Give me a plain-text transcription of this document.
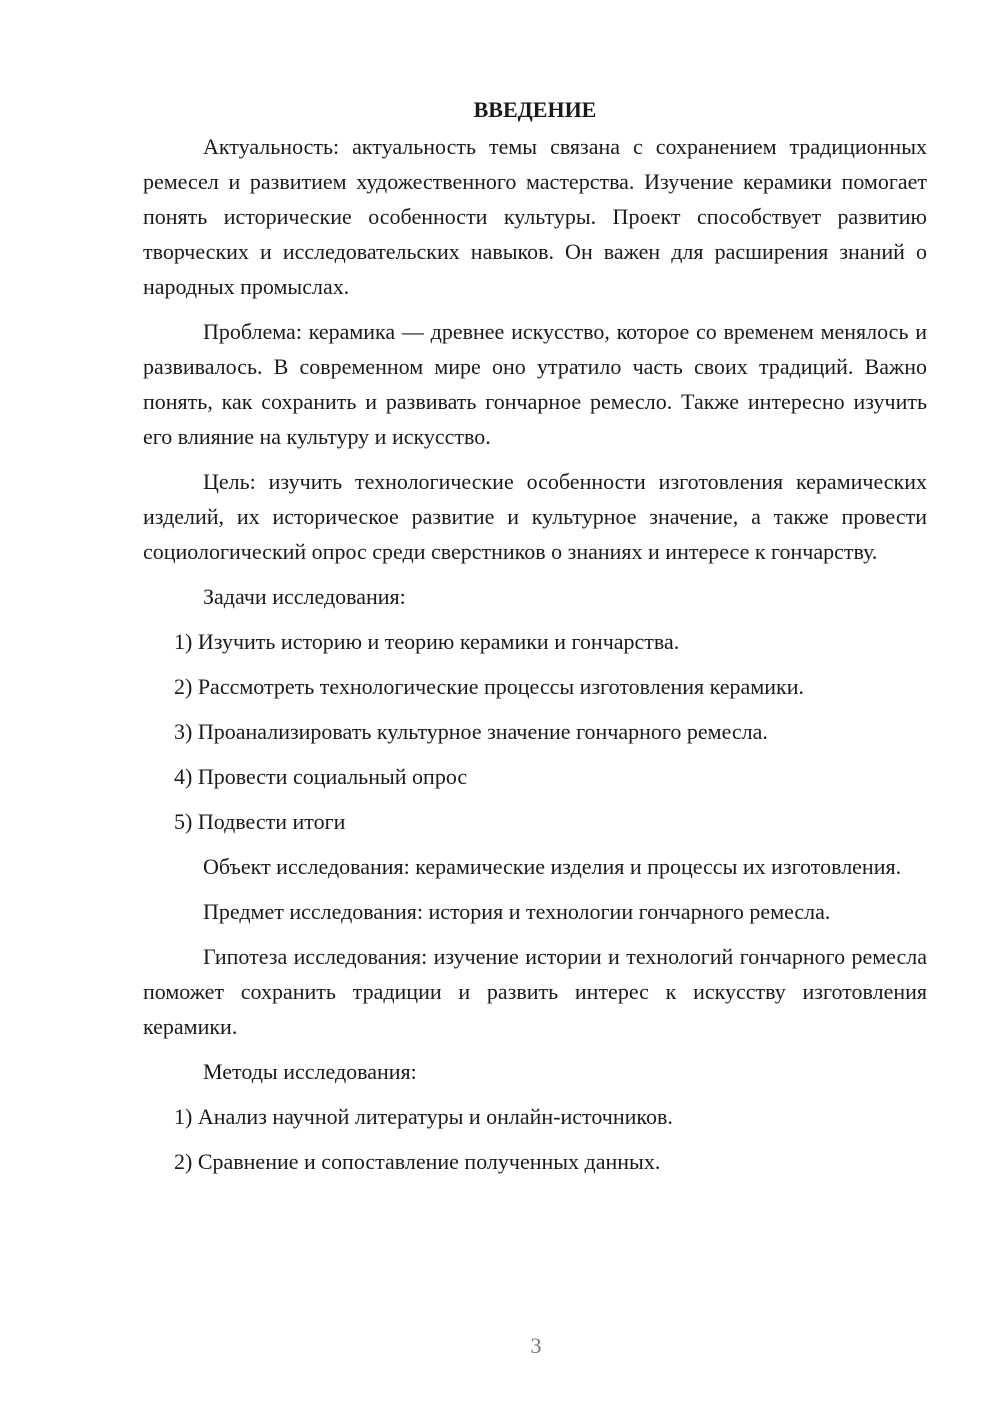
ВВЕДЕНИЕ

Актуальность: актуальность темы связана с сохранением традиционных ремесел и развитием художественного мастерства. Изучение керамики помогает понять исторические особенности культуры. Проект способствует развитию творческих и исследовательских навыков. Он важен для расширения знаний о народных промыслах.

Проблема: керамика — древнее искусство, которое со временем менялось и развивалось. В современном мире оно утратило часть своих традиций. Важно понять, как сохранить и развивать гончарное ремесло. Также интересно изучить его влияние на культуру и искусство.

Цель: изучить технологические особенности изготовления керамических изделий, их историческое развитие и культурное значение, а также провести социологический опрос среди сверстников о знаниях и интересе к гончарству.

Задачи исследования:

1) Изучить историю и теорию керамики и гончарства.

2) Рассмотреть технологические процессы изготовления керамики.

3) Проанализировать культурное значение гончарного ремесла.

4) Провести социальный опрос

5) Подвести итоги

Объект исследования: керамические изделия и процессы их изготовления.

Предмет исследования: история и технологии гончарного ремесла.

Гипотеза исследования: изучение истории и технологий гончарного ремесла поможет сохранить традиции и развить интерес к искусству изготовления керамики.

Методы исследования:

1) Анализ научной литературы и онлайн-источников.

2) Сравнение и сопоставление полученных данных.

3
